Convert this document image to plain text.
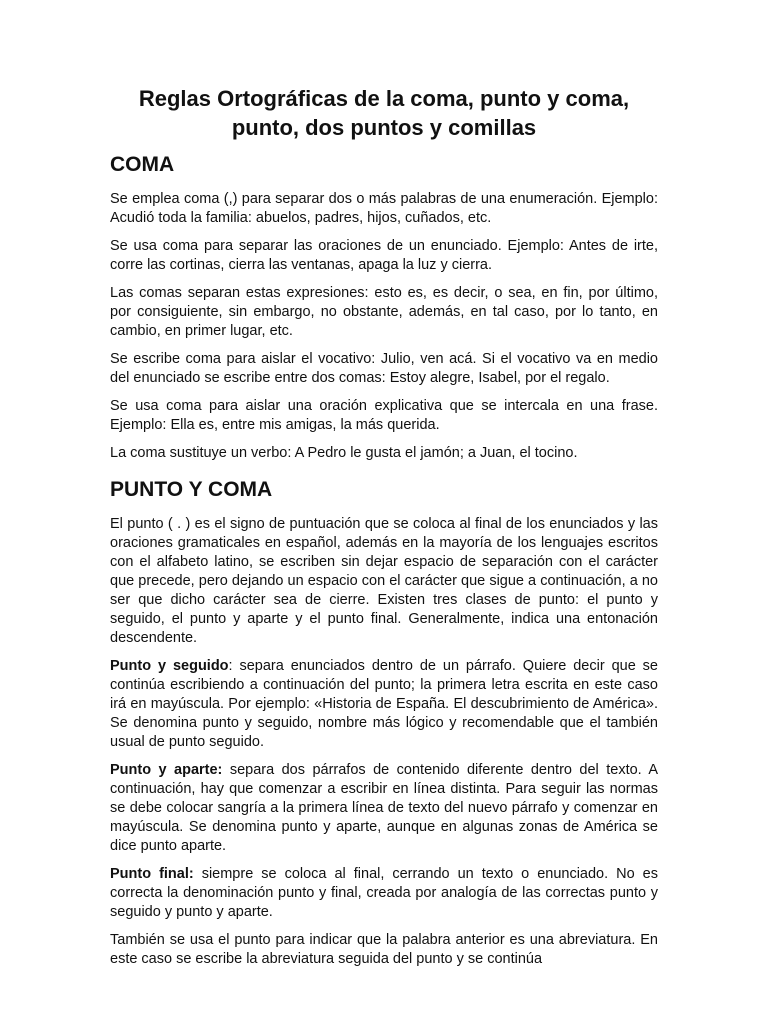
Reglas Ortográficas de la coma, punto y coma,
punto, dos puntos y comillas
COMA

Se emplea coma (,) para separar dos o más palabras de una enumeración. Ejemplo: Acudió toda la familia: abuelos, padres, hijos, cuñados, etc.

Se usa coma para separar las oraciones de un enunciado. Ejemplo: Antes de irte, corre las cortinas, cierra las ventanas, apaga la luz y cierra.

Las comas separan estas expresiones: esto es, es decir, o sea, en fin, por último, por consiguiente, sin embargo, no obstante, además, en tal caso, por lo tanto, en cambio, en primer lugar, etc.

Se escribe coma para aislar el vocativo: Julio, ven acá. Si el vocativo va en medio del enunciado se escribe entre dos comas: Estoy alegre, Isabel, por el regalo.

Se usa coma para aislar una oración explicativa que se intercala en una frase. Ejemplo: Ella es, entre mis amigas, la más querida.

La coma sustituye un verbo: A Pedro le gusta el jamón; a Juan, el tocino.

PUNTO Y COMA

El punto ( . ) es el signo de puntuación que se coloca al final de los enunciados y las oraciones gramaticales en español, además en la mayoría de los lenguajes escritos con el alfabeto latino, se escriben sin dejar espacio de separación con el carácter que precede, pero dejando un espacio con el carácter que sigue a continuación, a no ser que dicho carácter sea de cierre. Existen tres clases de punto: el punto y seguido, el punto y aparte y el punto final. Generalmente, indica una entonación descendente.

Punto y seguido: separa enunciados dentro de un párrafo. Quiere decir que se continúa escribiendo a continuación del punto; la primera letra escrita en este caso irá en mayúscula. Por ejemplo: «Historia de España. El descubrimiento de América». Se denomina punto y seguido, nombre más lógico y recomendable que el también usual de punto seguido.

Punto y aparte: separa dos párrafos de contenido diferente dentro del texto. A continuación, hay que comenzar a escribir en línea distinta. Para seguir las normas se debe colocar sangría a la primera línea de texto del nuevo párrafo y comenzar en mayúscula. Se denomina punto y aparte, aunque en algunas zonas de América se dice punto aparte.

Punto final: siempre se coloca al final, cerrando un texto o enunciado. No es correcta la denominación punto y final, creada por analogía de las correctas punto y seguido y punto y aparte.

También se usa el punto para indicar que la palabra anterior es una abreviatura. En este caso se escribe la abreviatura seguida del punto y se continúa
